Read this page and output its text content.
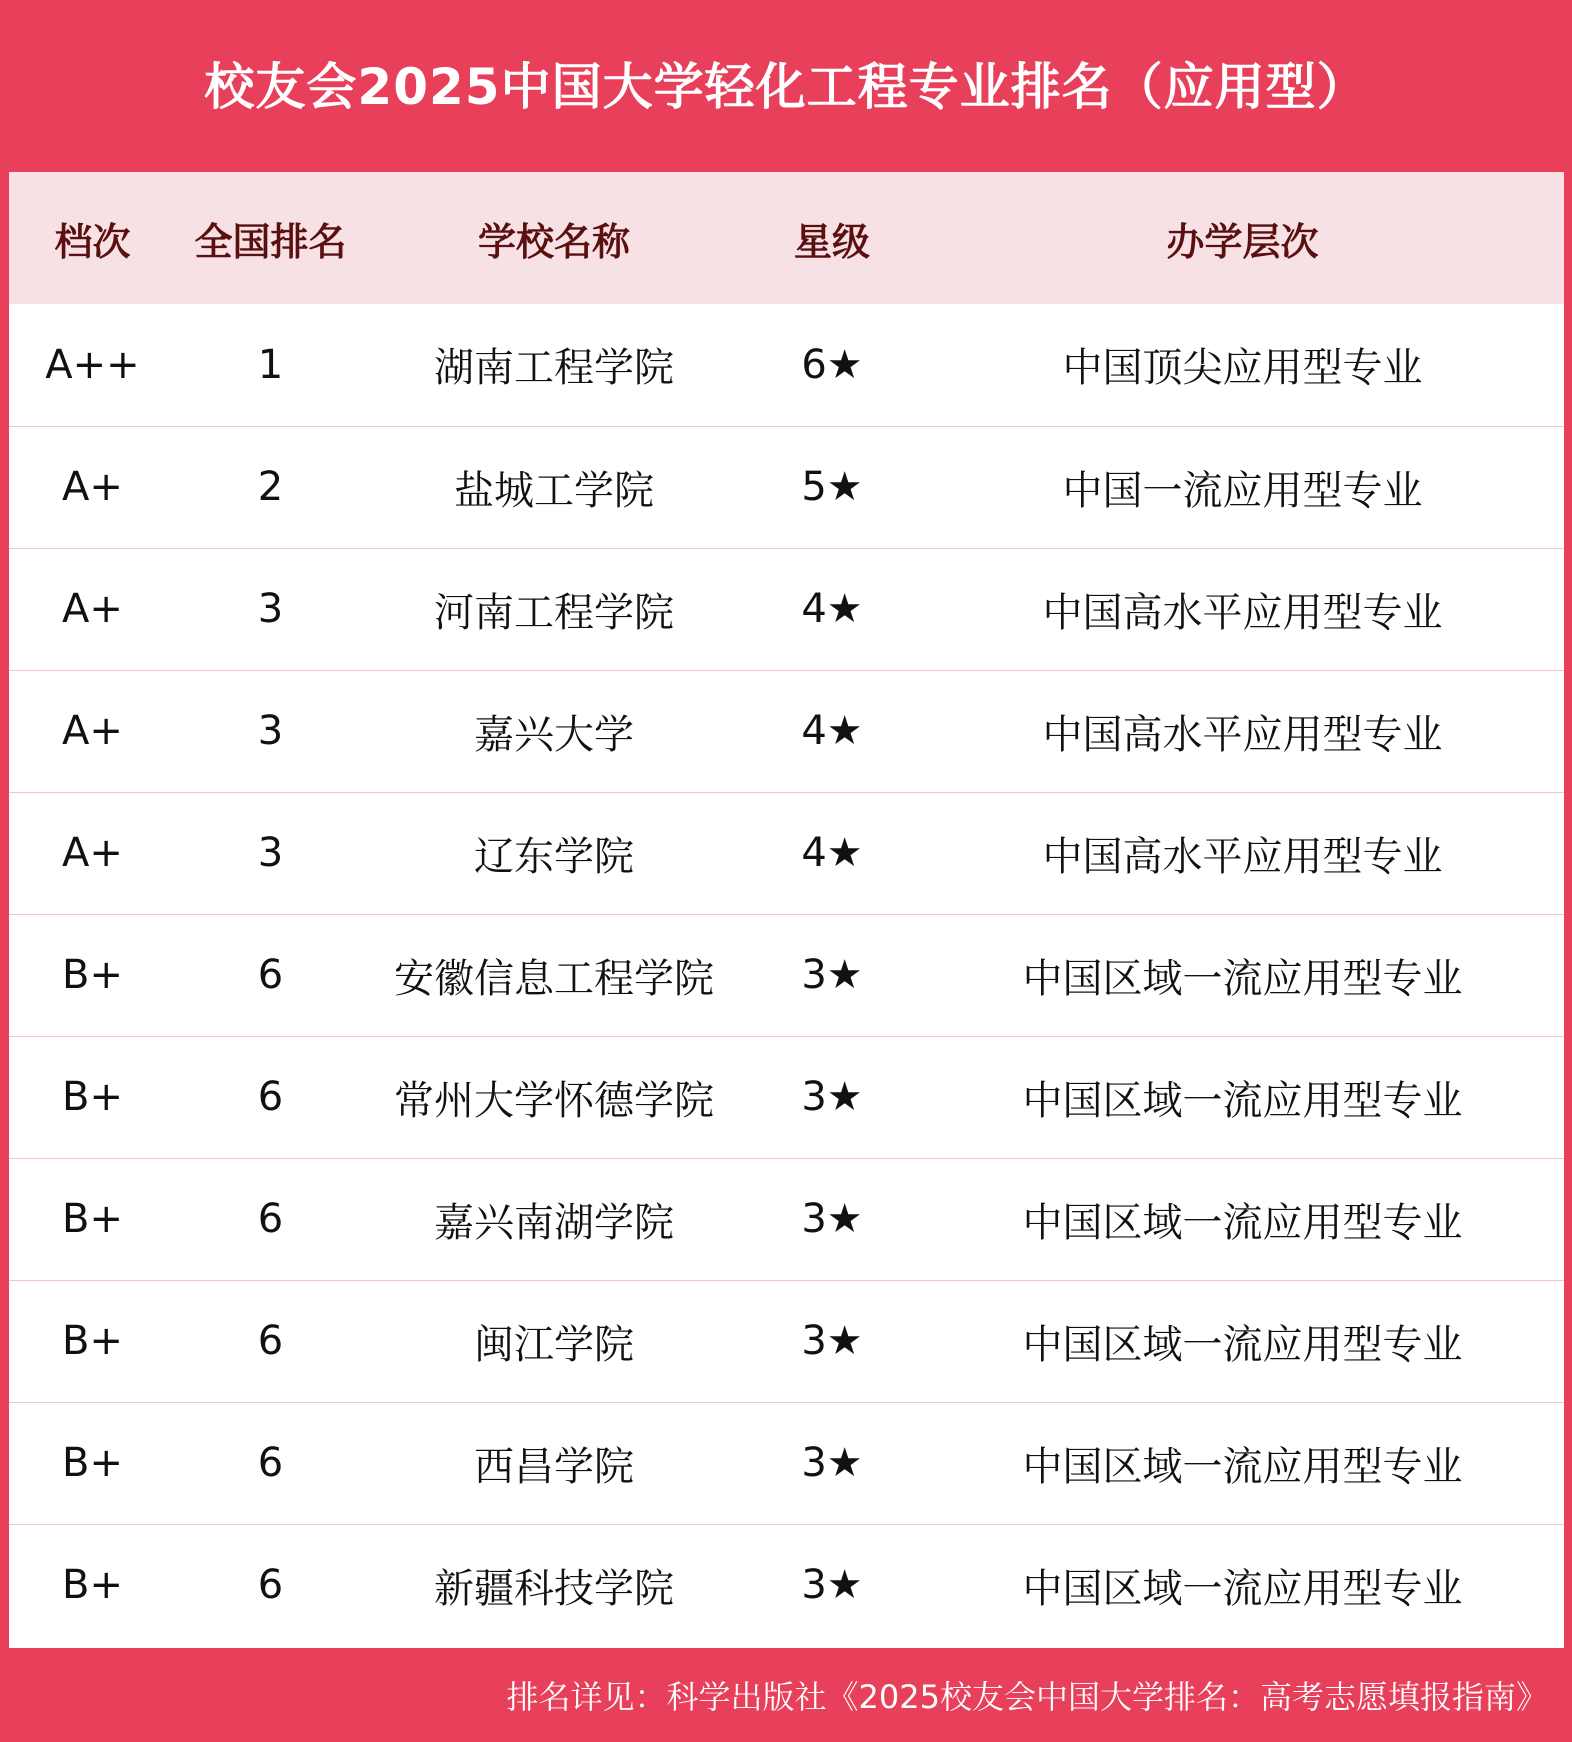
校友会2025中国大学轻化工程专业排名（应用型）
档次	全国排名	学校名称	星级	办学层次
A++	1	湖南工程学院	6★	中国顶尖应用型专业
A+	2	盐城工学院	5★	中国一流应用型专业
A+	3	河南工程学院	4★	中国高水平应用型专业
A+	3	嘉兴大学	4★	中国高水平应用型专业
A+	3	辽东学院	4★	中国高水平应用型专业
B+	6	安徽信息工程学院	3★	中国区域一流应用型专业
B+	6	常州大学怀德学院	3★	中国区域一流应用型专业
B+	6	嘉兴南湖学院	3★	中国区域一流应用型专业
B+	6	闽江学院	3★	中国区域一流应用型专业
B+	6	西昌学院	3★	中国区域一流应用型专业
B+	6	新疆科技学院	3★	中国区域一流应用型专业
排名详见：科学出版社《2025校友会中国大学排名：高考志愿填报指南》
